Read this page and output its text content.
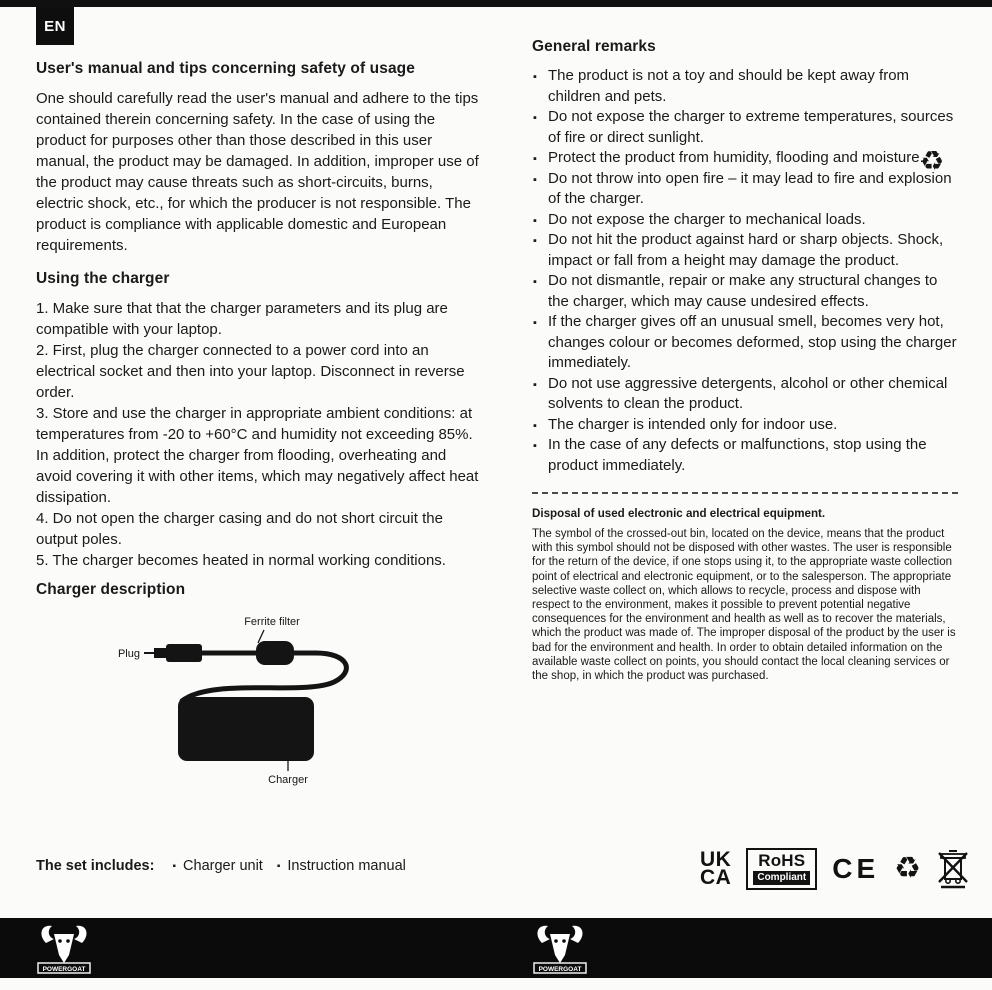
EN
User's manual and tips concerning safety of usage

One should carefully read the user's manual and adhere to the tips contained therein concerning safety. In the case of using the product for purposes other than those described in this user manual, the product may be damaged. In addition, improper use of the product may cause threats such as short-circuits, burns, electric shock, etc., for which the producer is not responsible. The product is compliance with applicable domestic and European requirements.

Using the charger

1. Make sure that that the charger parameters and its plug are compatible with your laptop.

2. First, plug the charger connected to a power cord into an electrical socket and then into your laptop. Disconnect in reverse order.

3. Store and use the charger in appropriate ambient conditions: at temperatures from -20 to +60°C and humidity not exceeding 85%. In addition, protect the charger from flooding, overheating and avoid covering it with other items, which may negatively affect heat dissipation.

4. Do not open the charger casing and do not short circuit the output poles.

5. The charger becomes heated in normal working conditions.

Charger description
Ferrite filter
Plug
Charger
The set includes: ▪ Charger unit ▪ Instruction manual
General remarks
▪ The product is not a toy and should be kept away from children and pets.
▪ Do not expose the charger to extreme temperatures, sources of fire or direct sunlight.
▪ Protect the product from humidity, flooding and moisture.
▪ Do not throw into open fire – it may lead to fire and explosion of the charger.
▪ Do not expose the charger to mechanical loads.
▪ Do not hit the product against hard or sharp objects. Shock, impact or fall from a height may damage the product.
▪ Do not dismantle, repair or make any structural changes to the charger, which may cause undesired effects.
▪ If the charger gives off an unusual smell, becomes very hot, changes colour or becomes deformed, stop using the charger immediately.
▪ Do not use aggressive detergents, alcohol or other chemical solvents to clean the product.
▪ The charger is intended only for indoor use.
▪ In the case of any defects or malfunctions, stop using the product immediately.
Disposal of used electronic and electrical equipment.

The symbol of the crossed-out bin, located on the device, means that the product with this symbol should not be disposed with other wastes. The user is responsible for the return of the device, if one stops using it, to the appropriate waste collection point of electrical and electronic equipment, or to the salesperson. The appropriate selective waste collect on, which allows to recycle, process and dispose with respect to the environment, makes it possible to prevent potential negative consequences for the environment and health as well as to recover the materials, which the product was made of. The improper disposal of the product by the user is bad for the environment and health. In order to obtain detailed information on the available waste collect on points, you should contact the local cleaning services or the shop, in which the product was purchased.

♻
UK
CA
RoHS
Compliant CE ♻
POWERGOAT	POWERGOAT
